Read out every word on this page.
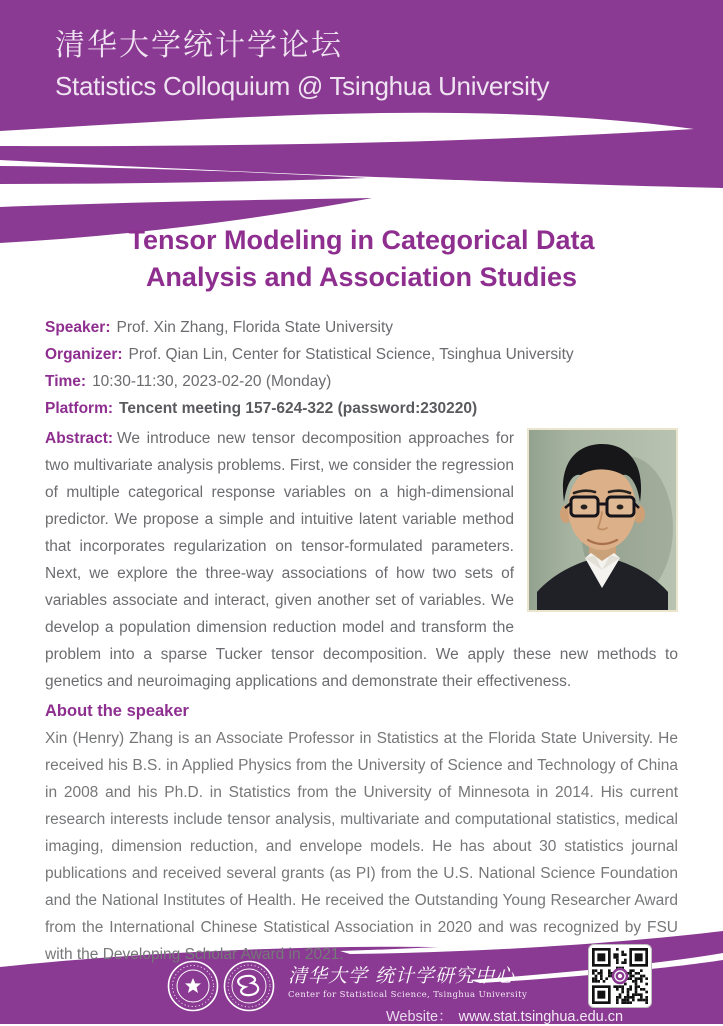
清华大学统计学论坛
Statistics Colloquium @ Tsinghua University
Tensor Modeling in Categorical Data Analysis and Association Studies
Speaker: Prof. Xin Zhang, Florida State University
Organizer: Prof. Qian Lin, Center for Statistical Science, Tsinghua University
Time: 10:30-11:30, 2023-02-20 (Monday)
Platform: Tencent meeting 157-624-322 (password:230220)
Abstract: We introduce new tensor decomposition approaches for two multivariate analysis problems. First, we consider the regression of multiple categorical response variables on a high-dimensional predictor. We propose a simple and intuitive latent variable method that incorporates regularization on tensor-formulated parameters. Next, we explore the three-way associations of how two sets of variables associate and interact, given another set of variables. We develop a population dimension reduction model and transform the problem into a sparse Tucker tensor decomposition. We apply these new methods to genetics and neuroimaging applications and demonstrate their effectiveness.
About the speaker
Xin (Henry) Zhang is an Associate Professor in Statistics at the Florida State University. He received his B.S. in Applied Physics from the University of Science and Technology of China in 2008 and his Ph.D. in Statistics from the University of Minnesota in 2014. His current research interests include tensor analysis, multivariate and computational statistics, medical imaging, dimension reduction, and envelope models. He has about 30 statistics journal publications and received several grants (as PI) from the U.S. National Science Foundation and the National Institutes of Health. He received the Outstanding Young Researcher Award from the International Chinese Statistical Association in 2020 and was recognized by FSU with the Developing Scholar Award in 2021.
清华大学 统计学研究中心
Center for Statistical Science, Tsinghua University
Website： www.stat.tsinghua.edu.cn
